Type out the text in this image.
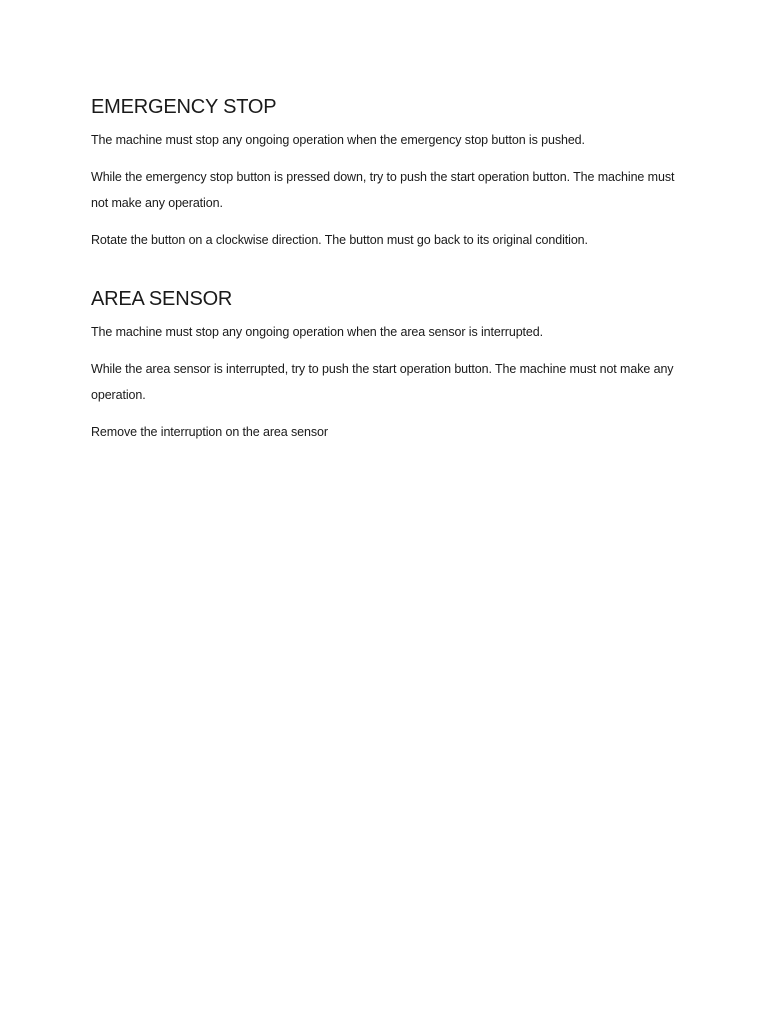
EMERGENCY STOP

The machine must stop any ongoing operation when the emergency stop button is pushed.

While the emergency stop button is pressed down, try to push the start operation button. The machine must not make any operation.

Rotate the button on a clockwise direction. The button must go back to its original condition.

AREA SENSOR

The machine must stop any ongoing operation when the area sensor is interrupted.

While the area sensor is interrupted, try to push the start operation button. The machine must not make any operation.

Remove the interruption on the area sensor
